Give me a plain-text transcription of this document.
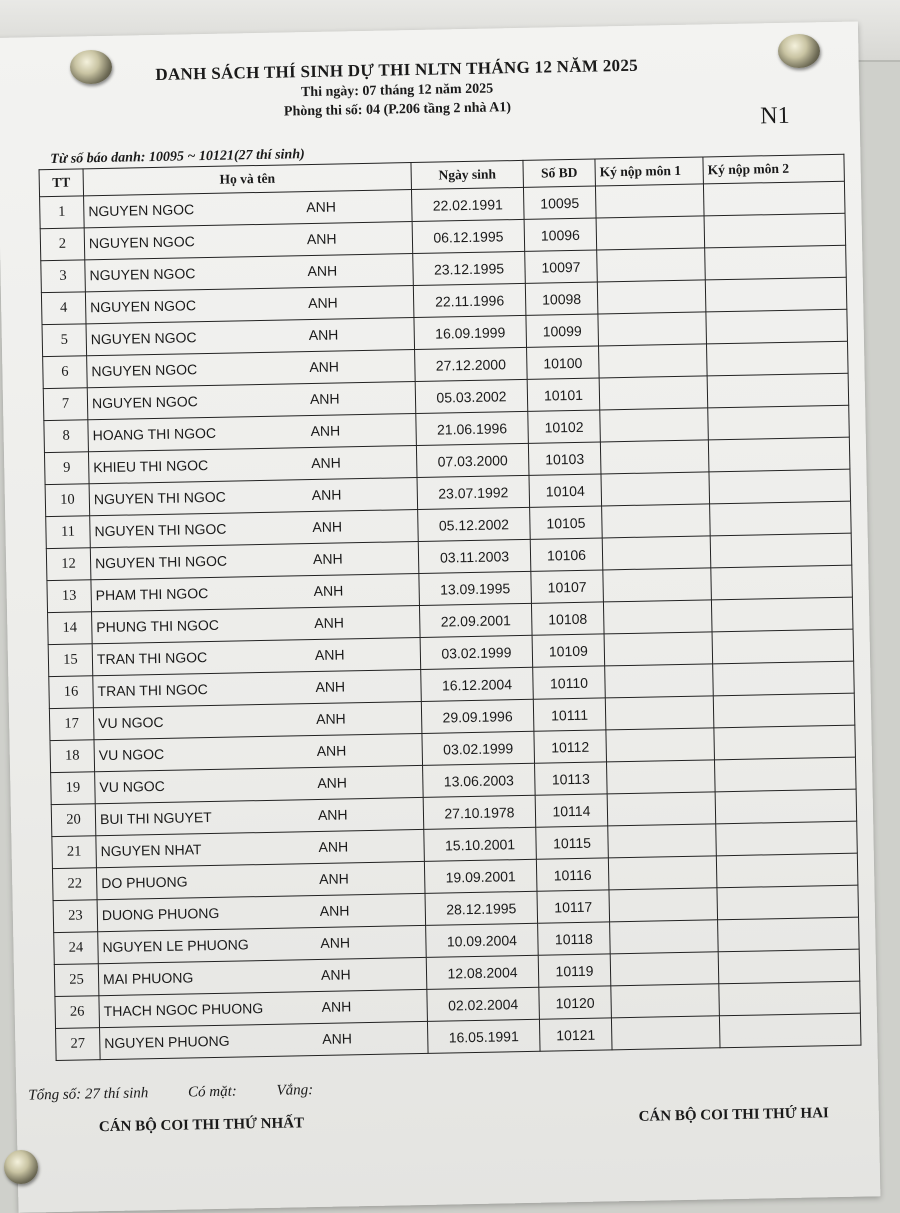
DANH SÁCH THÍ SINH DỰ THI NLTN THÁNG 12 NĂM 2025
Thi ngày: 07 tháng 12 năm 2025
Phòng thi số: 04 (P.206 tầng 2 nhà A1)	N1
Từ số báo danh: 10095 ~ 10121(27 thí sinh)
TT	Họ và tên	Ngày sinh	Số BD	Ký nộp môn 1	Ký nộp môn 2
1	NGUYEN NGOC ANH	22.02.1991	10095		
2	NGUYEN NGOC ANH	06.12.1995	10096		
3	NGUYEN NGOC ANH	23.12.1995	10097		
4	NGUYEN NGOC ANH	22.11.1996	10098		
5	NGUYEN NGOC ANH	16.09.1999	10099		
6	NGUYEN NGOC ANH	27.12.2000	10100		
7	NGUYEN NGOC ANH	05.03.2002	10101		
8	HOANG THI NGOC ANH	21.06.1996	10102		
9	KHIEU THI NGOC ANH	07.03.2000	10103		
10	NGUYEN THI NGOC ANH	23.07.1992	10104		
11	NGUYEN THI NGOC ANH	05.12.2002	10105		
12	NGUYEN THI NGOC ANH	03.11.2003	10106		
13	PHAM THI NGOC ANH	13.09.1995	10107		
14	PHUNG THI NGOC ANH	22.09.2001	10108		
15	TRAN THI NGOC ANH	03.02.1999	10109		
16	TRAN THI NGOC ANH	16.12.2004	10110		
17	VU NGOC ANH	29.09.1996	10111		
18	VU NGOC ANH	03.02.1999	10112		
19	VU NGOC ANH	13.06.2003	10113		
20	BUI THI NGUYET ANH	27.10.1978	10114		
21	NGUYEN NHAT ANH	15.10.2001	10115		
22	DO PHUONG ANH	19.09.2001	10116		
23	DUONG PHUONG ANH	28.12.1995	10117		
24	NGUYEN LE PHUONG ANH	10.09.2004	10118		
25	MAI PHUONG ANH	12.08.2004	10119		
26	THACH NGOC PHUONG ANH	02.02.2004	10120		
27	NGUYEN PHUONG ANH	16.05.1991	10121		
Tổng số: 27 thí sinh	Có mặt:	Vắng:
CÁN BỘ COI THI THỨ NHẤT
CÁN BỘ COI THI THỨ HAI
